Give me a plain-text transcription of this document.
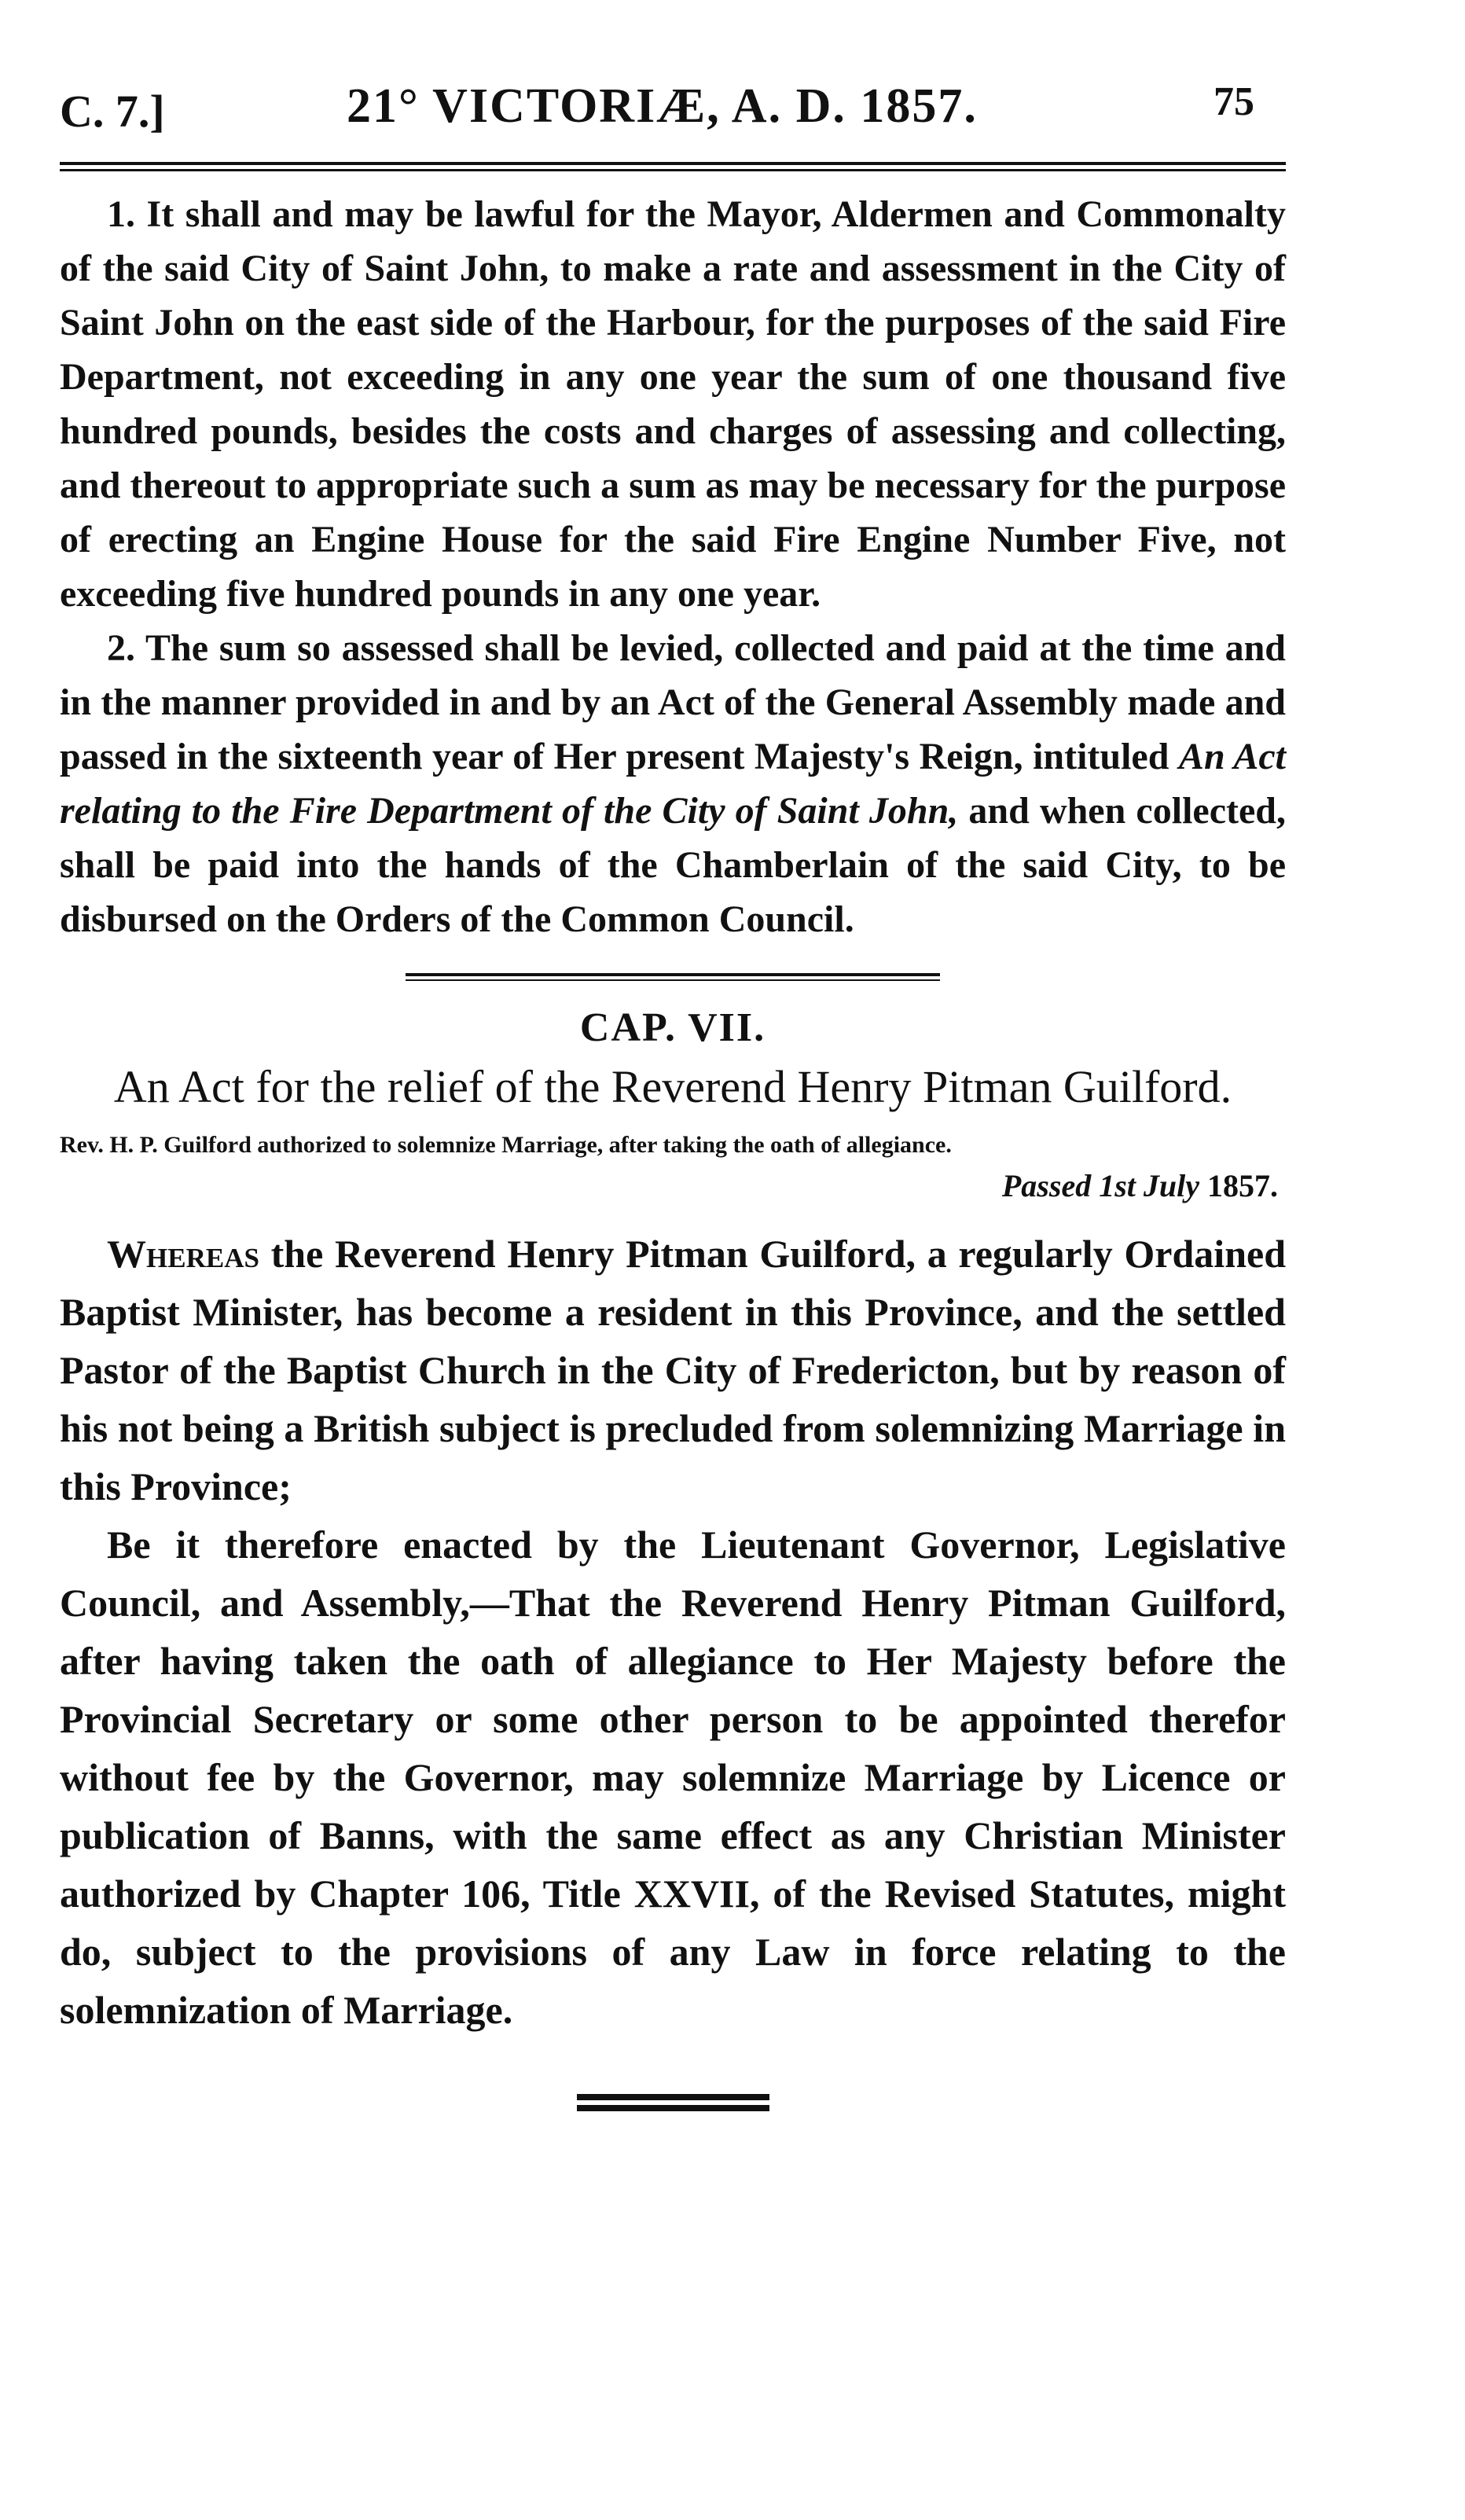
C. 7.]	21° VICTORIÆ, A. D. 1857.	75

1. It shall and may be lawful for the Mayor, Aldermen and Commonalty of the said City of Saint John, to make a rate and assessment in the City of Saint John on the east side of the Harbour, for the purposes of the said Fire Department, not exceeding in any one year the sum of one thousand five hundred pounds, besides the costs and charges of assessing and collecting, and thereout to appropriate such a sum as may be necessary for the purpose of erecting an Engine House for the said Fire Engine Number Five, not exceeding five hundred pounds in any one year.

2. The sum so assessed shall be levied, collected and paid at the time and in the manner provided in and by an Act of the General Assembly made and passed in the sixteenth year of Her present Majesty's Reign, intituled An Act relating to the Fire Department of the City of Saint John, and when collected, shall be paid into the hands of the Chamberlain of the said City, to be disbursed on the Orders of the Common Council.

CAP. VII.
An Act for the relief of the Reverend Henry Pitman Guilford.

Rev. H. P. Guilford authorized to solemnize Marriage, after taking the oath of allegiance.

Passed 1st July 1857.

Whereas the Reverend Henry Pitman Guilford, a regularly Ordained Baptist Minister, has become a resident in this Province, and the settled Pastor of the Baptist Church in the City of Fredericton, but by reason of his not being a British subject is precluded from solemnizing Marriage in this Province;

Be it therefore enacted by the Lieutenant Governor, Legislative Council, and Assembly,—That the Reverend Henry Pitman Guilford, after having taken the oath of allegiance to Her Majesty before the Provincial Secretary or some other person to be appointed therefor without fee by the Governor, may solemnize Marriage by Licence or publication of Banns, with the same effect as any Christian Minister authorized by Chapter 106, Title XXVII, of the Revised Statutes, might do, subject to the provisions of any Law in force relating to the solemnization of Marriage.
